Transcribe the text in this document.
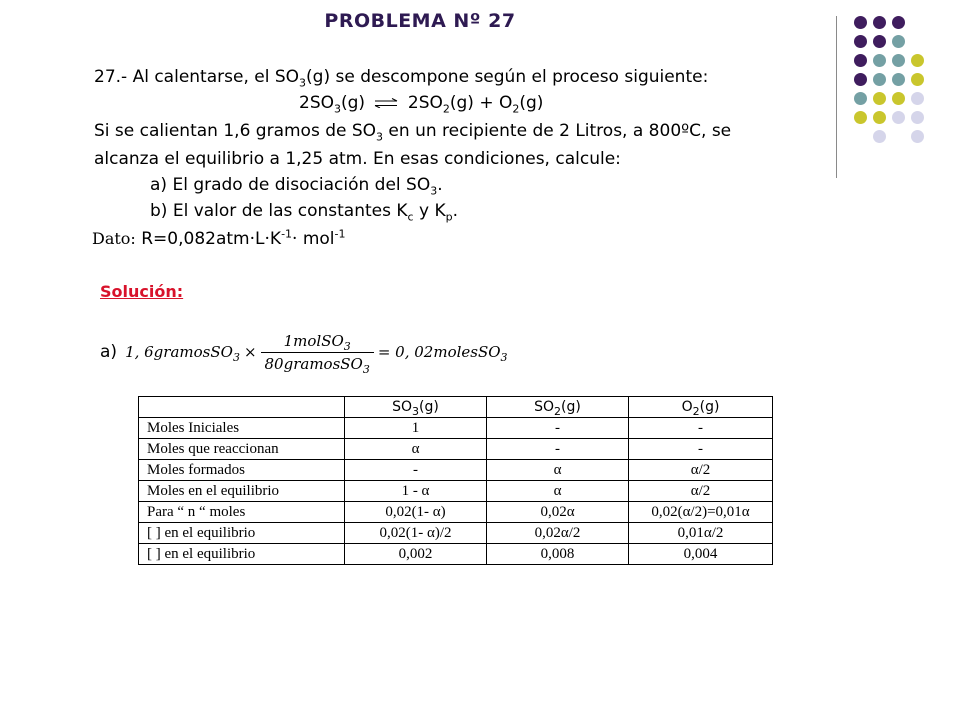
PROBLEMA Nº 27
27.- Al calentarse, el $SO_3(g)$ se descompone según el proceso siguiente:
$2SO_3(g)$ ⇌ $2SO_2(g) + O_2(g)$
Si se calientan 1,6 gramos de $SO_3$ en un recipiente de 2 Litros, a 800ºC, se
alcanza el equilibrio a 1,25 atm. En esas condiciones, calcule:
a) El grado de disociación del $SO_3$.
b) El valor de las constantes $K_c$ y $K_p$.
Dato: $R=0,082atm\cdot L\cdot K^{-1}\cdot mol^{-1}$
Solución:
a) 1, 6gramosSO$_3$ × $\frac{1molSO_3}{80gramosSO_3} = 0$, 02molesSO$_3$
	$SO_3(g)$	$SO_2(g)$	$O_2(g)$
Moles Iniciales	1	-	-
Moles que reaccionan	α	-	-
Moles formados	-	α	α/2
Moles en el equilibrio	1 - α	α	α/2
Para “ n “ moles	0,02(1- α)	0,02α	0,02(α/2)=0,01α
[ ] en el equilibrio	0,02(1- α)/2	0,02α/2	0,01α/2
[ ] en el equilibrio	0,002	0,008	0,004
